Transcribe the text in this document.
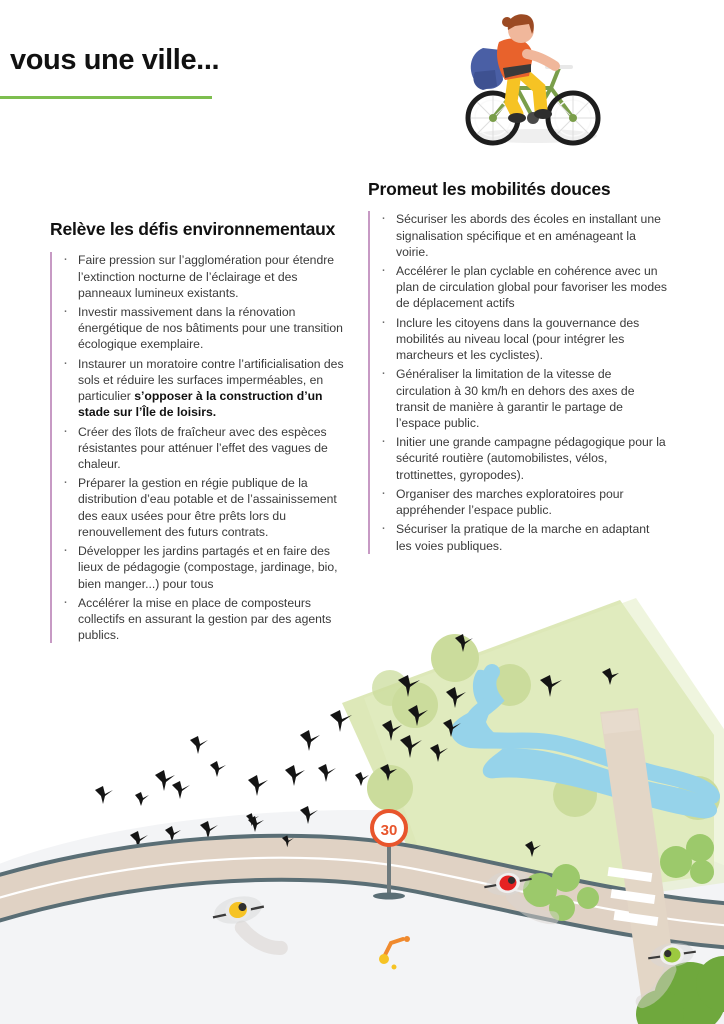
vous une ville...
Relève les défis environnementaux
· Faire pression sur l’agglomération pour étendre l’extinction nocturne de l’éclairage et des panneaux lumineux existants.
· Investir massivement dans la rénovation énergétique de nos bâtiments pour une transition écologique exemplaire.
· Instaurer un moratoire contre l’artificialisation des sols et réduire les surfaces imperméables, en particulier s’opposer à la construction d’un stade sur l’Île de loisirs.
· Créer des îlots de fraîcheur avec des espèces résistantes pour atténuer l’effet des vagues de chaleur.
· Préparer la gestion en régie publique de la distribution d’eau potable et de l’assainissement des eaux usées pour être prêts lors du renouvellement des futurs contrats.
· Développer les jardins partagés et en faire des lieux de pédagogie (compostage, jardinage, bio, bien manger...) pour tous
· Accélérer la mise en place de composteurs collectifs en assurant la gestion par des agents publics.
Promeut les mobilités douces
· Sécuriser les abords des écoles en installant une signalisation spécifique et en aménageant la voirie.
· Accélérer le plan cyclable en cohérence avec un plan de circulation global pour favoriser les modes de déplacement actifs
· Inclure les citoyens dans la gouvernance des mobilités au niveau local (pour intégrer les marcheurs et les cyclistes).
· Généraliser la limitation de la vitesse de circulation à 30 km/h en dehors des axes de transit de manière à garantir le partage de l’espace public.
· Initier une grande campagne pédagogique pour la sécurité routière (automobilistes, vélos, trottinettes, gyropodes).
· Organiser des marches exploratoires pour appréhender l’espace public.
· Sécuriser la pratique de la marche en adaptant les voies publiques.
30
